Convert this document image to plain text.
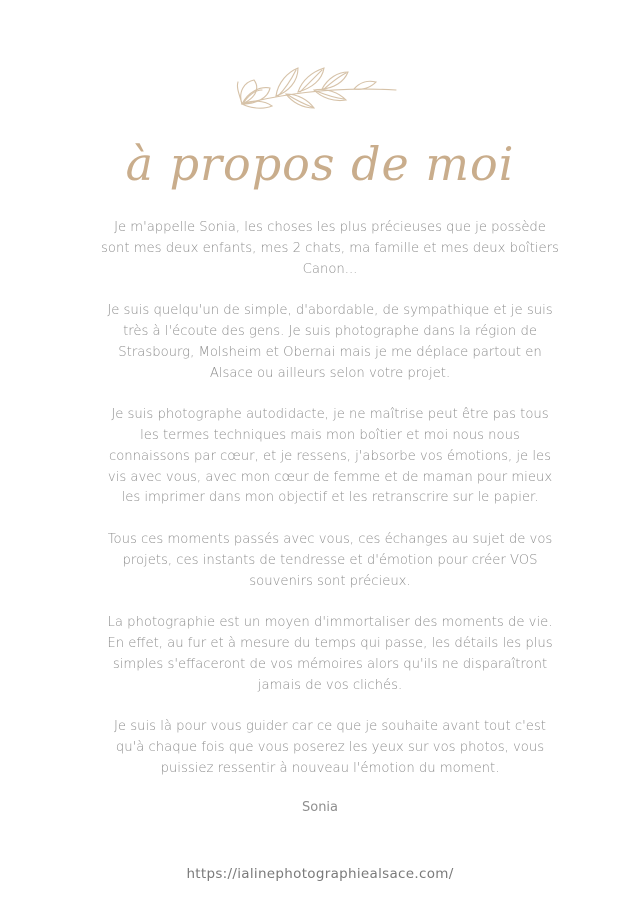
à propos de moi

Je m'appelle Sonia, les choses les plus précieuses que je possède sont mes deux enfants, mes 2 chats, ma famille et mes deux boîtiers Canon...

Je suis quelqu'un de simple, d'abordable, de sympathique et je suis très à l'écoute des gens. Je suis photographe dans la région de Strasbourg, Molsheim et Obernai mais je me déplace partout en Alsace ou ailleurs selon votre projet.

Je suis photographe autodidacte, je ne maîtrise peut être pas tous les termes techniques mais mon boîtier et moi nous nous connaissons par cœur, et je ressens, j'absorbe vos émotions, je les vis avec vous, avec mon cœur de femme et de maman pour mieux les imprimer dans mon objectif et les retranscrire sur le papier.

Tous ces moments passés avec vous, ces échanges au sujet de vos projets, ces instants de tendresse et d'émotion pour créer VOS souvenirs sont précieux.

La photographie est un moyen d'immortaliser des moments de vie. En effet, au fur et à mesure du temps qui passe, les détails les plus simples s'effaceront de vos mémoires alors qu'ils ne disparaîtront jamais de vos clichés.

Je suis là pour vous guider car ce que je souhaite avant tout c'est qu'à chaque fois que vous poserez les yeux sur vos photos, vous puissiez ressentir à nouveau l'émotion du moment.

Sonia

https://ialinephotographiealsace.com/
